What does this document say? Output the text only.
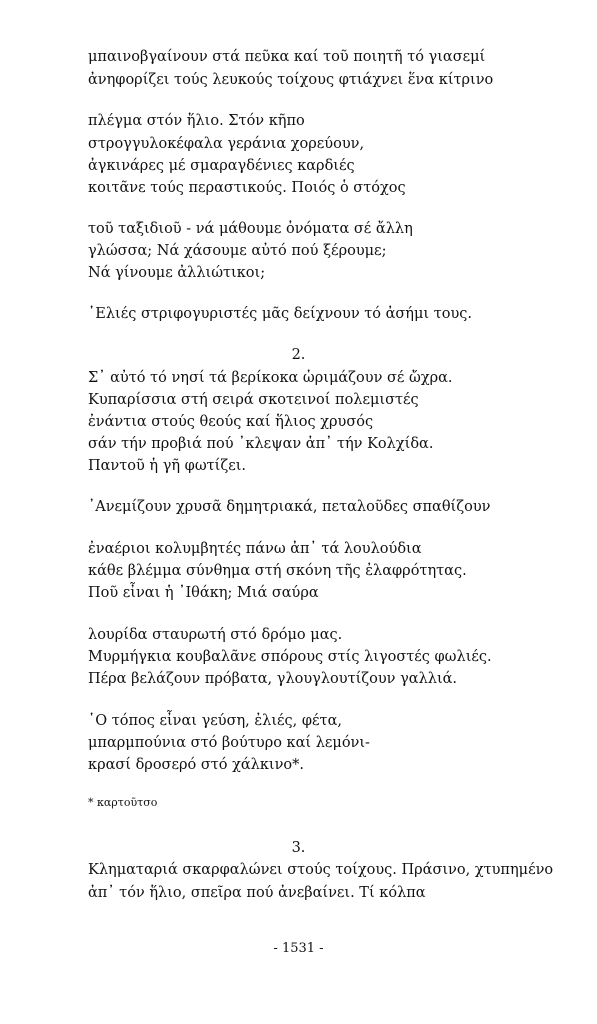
μπαινοβγαίνουν στά πεῦκα καί τοῦ ποιητῆ τό γιασεμί
ἀνηφορίζει τούς λευκούς τοίχους φτιάχνει ἕνα κίτρινο
πλέγμα στόν ἥλιο. Στόν κῆπο
στρογγυλοκέφαλα γεράνια χορεύουν,
ἀγκινάρες μέ σμαραγδένιες καρδιές
κοιτᾶνε τούς περαστικούς. Ποιός ὁ στόχος
τοῦ ταξιδιοῦ - νά μάθουμε ὀνόματα σέ ἄλλη
γλώσσα; Νά χάσουμε αὐτό πού ξέρουμε;
Νά γίνουμε ἀλλιώτικοι;
῾Ελιές στριφογυριστές μᾶς δείχνουν τό ἀσήμι τους.
2.
Σ᾿ αὐτό τό νησί τά βερίκοκα ὡριμάζουν σέ ὤχρα.
Κυπαρίσσια στή σειρά σκοτεινοί πολεμιστές
ἐνάντια στούς θεούς καί ἥλιος χρυσός
σάν τήν προβιά πού ᾿κλεψαν ἀπ᾿ τήν Κολχίδα.
Παντοῦ ἡ γῆ φωτίζει.
᾿Ανεμίζουν χρυσᾶ δημητριακά, πεταλοῦδες σπαθίζουν
ἐναέριοι κολυμβητές πάνω ἀπ᾿ τά λουλούδια
κάθε βλέμμα σύνθημα στή σκόνη τῆς ἐλαφρότητας.
Ποῦ εἶναι ἡ ᾿Ιθάκη; Μιά σαύρα
λουρίδα σταυρωτή στό δρόμο μας.
Μυρμήγκια κουβαλᾶνε σπόρους στίς λιγοστές φωλιές.
Πέρα βελάζουν πρόβατα, γλουγλουτίζουν γαλλιά.
῾Ο τόπος εἶναι γεύση, ἐλιές, φέτα,
μπαρμπούνια στό βούτυρο καί λεμόνι-
κρασί δροσερό στό χάλκινο*.
* καρτοῦτσο
3.
Κληματαριά σκαρφαλώνει στούς τοίχους. Πράσινο, χτυπημένο
ἀπ᾿ τόν ἥλιο, σπεῖρα πού ἀνεβαίνει. Τί κόλπα
- 1531 -
